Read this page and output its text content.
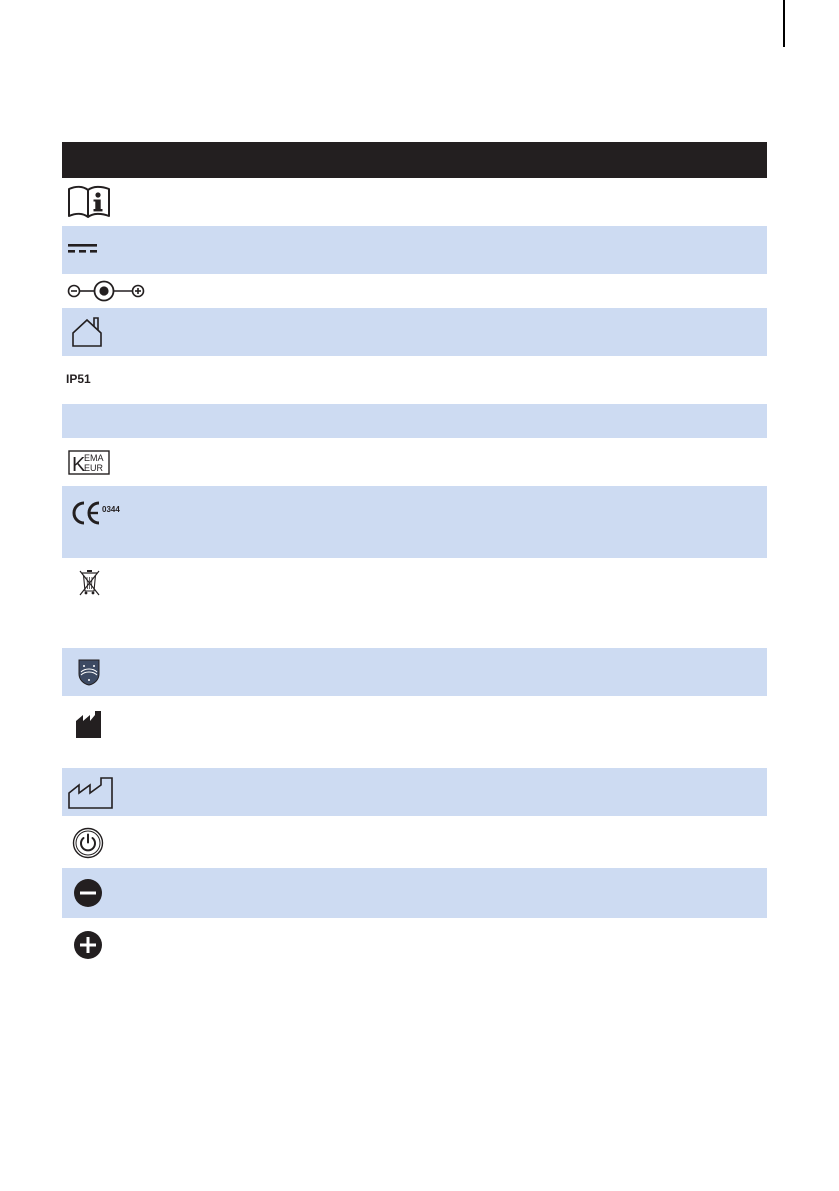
IP51
K
EMA
EUR
0344
